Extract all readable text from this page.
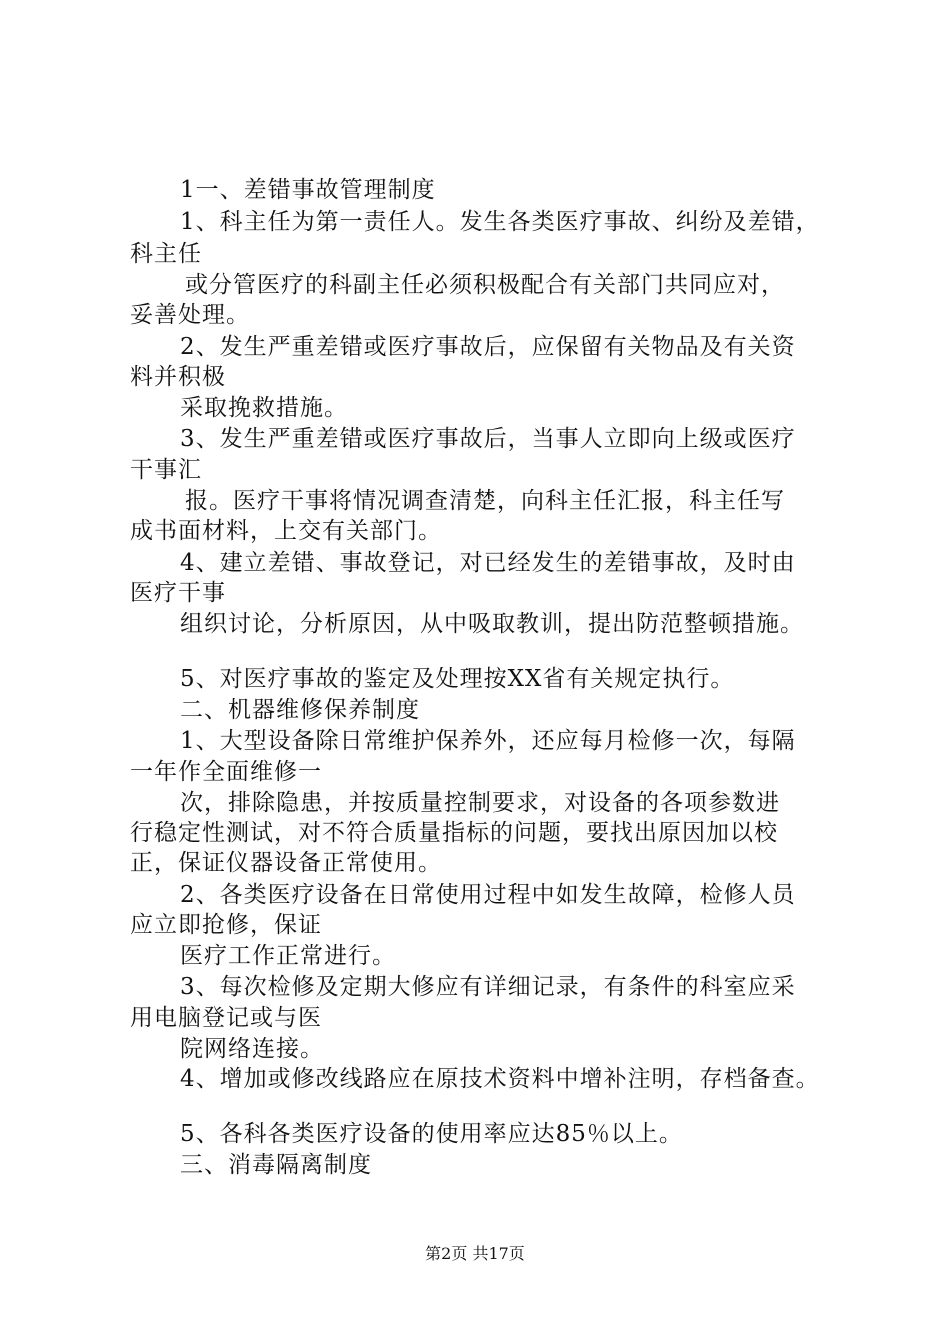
1一、差错事故管理制度
1、科主任为第一责任人。发生各类医疗事故、纠纷及差错，
科主任
或分管医疗的科副主任必须积极配合有关部门共同应对，
妥善处理。
2、发生严重差错或医疗事故后，应保留有关物品及有关资
料并积极
采取挽救措施。
3、发生严重差错或医疗事故后，当事人立即向上级或医疗
干事汇
报。医疗干事将情况调查清楚，向科主任汇报，科主任写
成书面材料，上交有关部门。
4、建立差错、事故登记，对已经发生的差错事故，及时由
医疗干事
组织讨论，分析原因，从中吸取教训，提出防范整顿措施。
5、对医疗事故的鉴定及处理按XX省有关规定执行。
二、机器维修保养制度
1、大型设备除日常维护保养外，还应每月检修一次，每隔
一年作全面维修一
次，排除隐患，并按质量控制要求，对设备的各项参数进
行稳定性测试，对不符合质量指标的问题，要找出原因加以校
正，保证仪器设备正常使用。
2、各类医疗设备在日常使用过程中如发生故障，检修人员
应立即抢修，保证
医疗工作正常进行。
3、每次检修及定期大修应有详细记录，有条件的科室应采
用电脑登记或与医
院网络连接。
4、增加或修改线路应在原技术资料中增补注明，存档备查。
5、各科各类医疗设备的使用率应达85％以上。
三、消毒隔离制度
第2页 共17页
